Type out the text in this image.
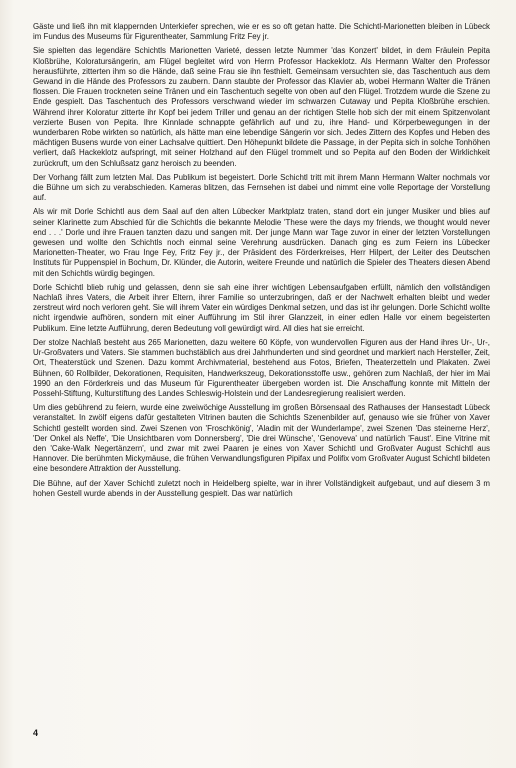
Gäste und ließ ihn mit klappernden Unterkiefer sprechen, wie er es so oft getan hatte. Die Schichtl-Marionetten bleiben in Lübeck im Fundus des Museums für Figurentheater, Sammlung Fritz Fey jr.

Sie spielten das legendäre Schichtls Marionetten Varieté, dessen letzte Nummer 'das Konzert' bildet, in dem Fräulein Pepita Kloßbrühe, Koloratursängerin, am Flügel begleitet wird von Herrn Professor Hackeklotz. Als Hermann Walter den Professor herausführte, zitterten ihm so die Hände, daß seine Frau sie ihn festhielt. Gemeinsam versuchten sie, das Taschentuch aus dem Gewand in die Hände des Professors zu zaubern. Dann staubte der Professor das Klavier ab, wobei Hermann Walter die Tränen flossen. Die Frauen trockneten seine Tränen und ein Taschentuch segelte von oben auf den Flügel. Trotzdem wurde die Szene zu Ende gespielt. Das Taschentuch des Professors verschwand wieder im schwarzen Cutaway und Pepita Kloßbrühe erschien. Während ihrer Koloratur zitterte ihr Kopf bei jedem Triller und genau an der richtigen Stelle hob sich der mit einem Spitzenvolant verzierte Busen von Pepita. Ihre Kinnlade schnappte gefährlich auf und zu, ihre Hand- und Körperbewegungen in der wunderbaren Robe wirkten so natürlich, als hätte man eine lebendige Sängerin vor sich. Jedes Zittern des Kopfes und Heben des mächtigen Busens wurde von einer Lachsalve quittiert. Den Höhepunkt bildete die Passage, in der Pepita sich in solche Tonhöhen verliert, daß Hackeklotz aufspringt, mit seiner Holzhand auf den Flügel trommelt und so Pepita auf den Boden der Wirklichkeit zurückruft, um den Schlußsatz ganz heroisch zu beenden.

Der Vorhang fällt zum letzten Mal. Das Publikum ist begeistert. Dorle Schichtl tritt mit ihrem Mann Hermann Walter nochmals vor die Bühne um sich zu verabschieden. Kameras blitzen, das Fernsehen ist dabei und nimmt eine volle Reportage der Vorstellung auf.

Als wir mit Dorle Schichtl aus dem Saal auf den alten Lübecker Marktplatz traten, stand dort ein junger Musiker und blies auf seiner Klarinette zum Abschied für die Schichtls die bekannte Melodie 'These were the days my friends, we thought would never end . . .' Dorle und ihre Frauen tanzten dazu und sangen mit. Der junge Mann war Tage zuvor in einer der letzten Vorstellungen gewesen und wollte den Schichtls noch einmal seine Verehrung ausdrücken. Danach ging es zum Feiern ins Lübecker Marionetten-Theater, wo Frau Inge Fey, Fritz Fey jr., der Präsident des Förderkreises, Herr Hilpert, der Leiter des Deutschen Instituts für Puppenspiel in Bochum, Dr. Klünder, die Autorin, weitere Freunde und natürlich die Spieler des Theaters diesen Abend mit den Schichtls würdig begingen.

Dorle Schichtl blieb ruhig und gelassen, denn sie sah eine ihrer wichtigen Lebensaufgaben erfüllt, nämlich den vollständigen Nachlaß ihres Vaters, die Arbeit ihrer Eltern, ihrer Familie so unterzubringen, daß er der Nachwelt erhalten bleibt und weder zerstreut wird noch verloren geht. Sie will ihrem Vater ein würdiges Denkmal setzen, und das ist ihr gelungen. Dorle Schichtl wollte nicht irgendwie aufhören, sondern mit einer Aufführung im Stil ihrer Glanzzeit, in einer edlen Halle vor einem begeisterten Publikum. Eine letzte Aufführung, deren Bedeutung voll gewürdigt wird. All dies hat sie erreicht.

Der stolze Nachlaß besteht aus 265 Marionetten, dazu weitere 60 Köpfe, von wundervollen Figuren aus der Hand ihres Ur-, Ur-, Ur-Großvaters und Vaters. Sie stammen buchstäblich aus drei Jahrhunderten und sind geordnet und markiert nach Hersteller, Zeit, Ort, Theaterstück und Szenen. Dazu kommt Archivmaterial, bestehend aus Fotos, Briefen, Theaterzetteln und Plakaten. Zwei Bühnen, 60 Rollbilder, Dekorationen, Requisiten, Handwerkszeug, Dekorationsstoffe usw., gehören zum Nachlaß, der hier im Mai 1990 an den Förderkreis und das Museum für Figurentheater übergeben worden ist. Die Anschaffung konnte mit Mitteln der Possehl-Stiftung, Kulturstiftung des Landes Schleswig-Holstein und der Landesregierung realisiert werden.

Um dies gebührend zu feiern, wurde eine zweiwöchige Ausstellung im großen Börsensaal des Rathauses der Hansestadt Lübeck veranstaltet. In zwölf eigens dafür gestalteten Vitrinen bauten die Schichtls Szenenbilder auf, genauso wie sie früher von Xaver Schichtl gestellt worden sind. Zwei Szenen von 'Froschkönig', 'Aladin mit der Wunderlampe', zwei Szenen 'Das steinerne Herz', 'Der Onkel als Neffe', 'Die Unsichtbaren vom Donnersberg', 'Die drei Wünsche', 'Genoveva' und natürlich 'Faust'. Eine Vitrine mit den 'Cake-Walk Negertänzern', und zwar mit zwei Paaren je eines von Xaver Schichtl und Großvater August Schichtl aus Hannover. Die berühmten Mickymäuse, die frühen Verwandlungsfiguren Pipifax und Polifix vom Großvater August Schichtl bildeten eine besondere Attraktion der Ausstellung.

Die Bühne, auf der Xaver Schichtl zuletzt noch in Heidelberg spielte, war in ihrer Vollständigkeit aufgebaut, und auf diesem 3 m hohen Gestell wurde abends in der Ausstellung gespielt. Das war natürlich

4
